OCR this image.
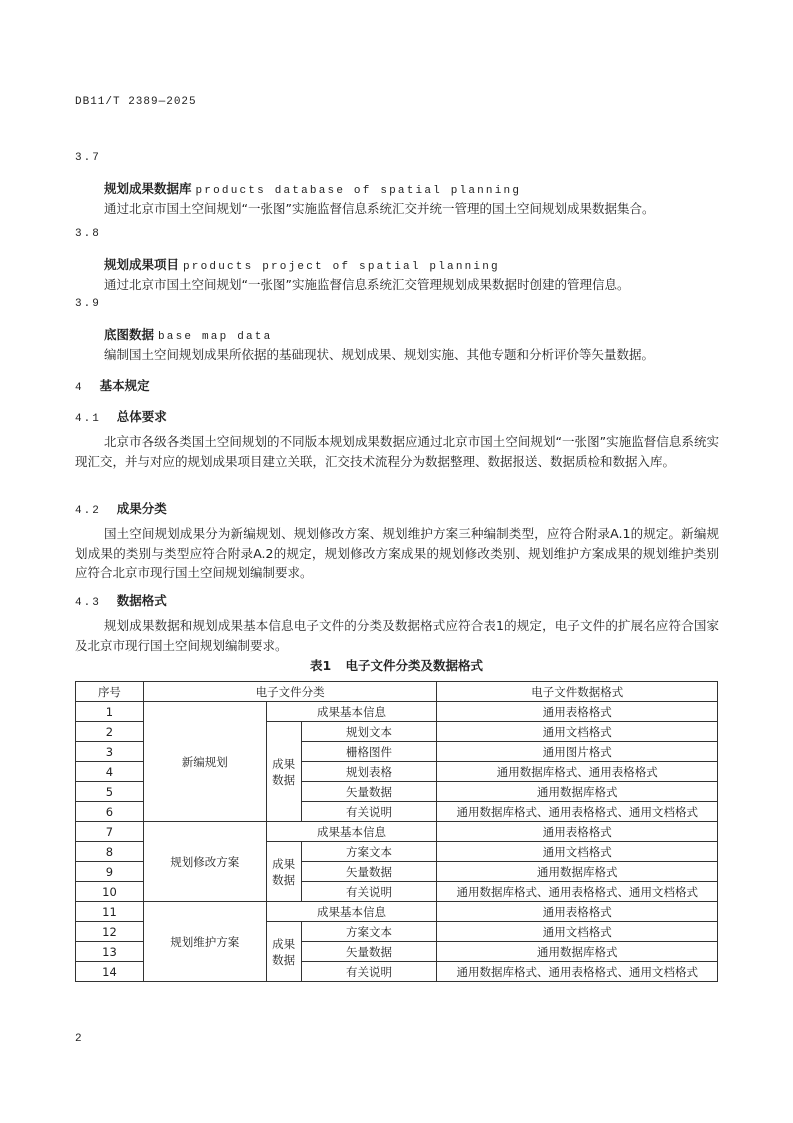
DB11/T 2389—2025
3.7
规划成果数据库 products database of spatial planning
通过北京市国土空间规划“一张图”实施监督信息系统汇交并统一管理的国土空间规划成果数据集合。
3.8
规划成果项目 products project of spatial planning
通过北京市国土空间规划“一张图”实施监督信息系统汇交管理规划成果数据时创建的管理信息。
3.9
底图数据 base map data
编制国土空间规划成果所依据的基础现状、规划成果、规划实施、其他专题和分析评价等矢量数据。
4 基本规定
4.1 总体要求
北京市各级各类国土空间规划的不同版本规划成果数据应通过北京市国土空间规划“一张图”实施监督信息系统实现汇交，并与对应的规划成果项目建立关联，汇交技术流程分为数据整理、数据报送、数据质检和数据入库。
4.2 成果分类
国土空间规划成果分为新编规划、规划修改方案、规划维护方案三种编制类型，应符合附录A.1的规定。新编规划成果的类别与类型应符合附录A.2的规定，规划修改方案成果的规划修改类别、规划维护方案成果的规划维护类别应符合北京市现行国土空间规划编制要求。
4.3 数据格式
规划成果数据和规划成果基本信息电子文件的分类及数据格式应符合表1的规定，电子文件的扩展名应符合国家及北京市现行国土空间规划编制要求。
表1 电子文件分类及数据格式
序号	电子文件分类			电子文件数据格式
1	新编规划	成果基本信息		通用表格格式
2		成果数据	规划文本	通用文档格式
3			栅格图件	通用图片格式
4			规划表格	通用数据库格式、通用表格格式
5			矢量数据	通用数据库格式
6			有关说明	通用数据库格式、通用表格格式、通用文档格式
7	规划修改方案	成果基本信息		通用表格格式
8		成果数据	方案文本	通用文档格式
9			矢量数据	通用数据库格式
10			有关说明	通用数据库格式、通用表格格式、通用文档格式
11	规划维护方案	成果基本信息		通用表格格式
12		成果数据	方案文本	通用文档格式
13			矢量数据	通用数据库格式
14			有关说明	通用数据库格式、通用表格格式、通用文档格式
2
